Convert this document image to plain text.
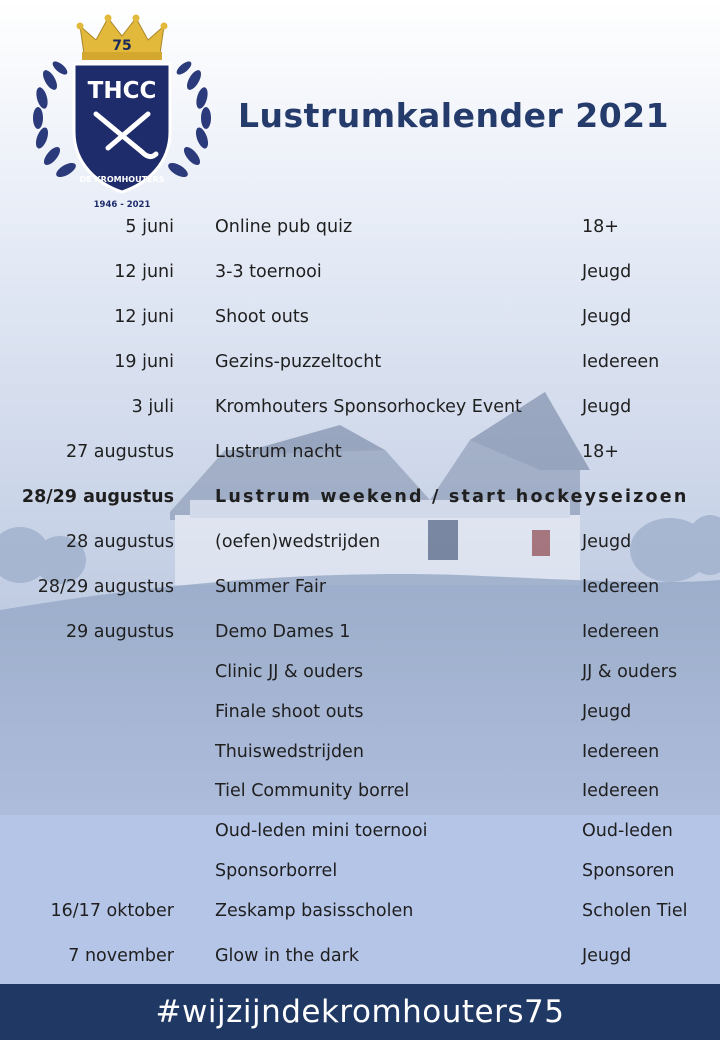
75
THCC
DE KROMHOUTERS
1946 - 2021
Lustrumkalender 2021
5 juni Online pub quiz	18+
12 juni 3-3 toernooi	Jeugd
12 juni Shoot outs	Jeugd
19 juni Gezins-puzzeltocht	Iedereen
3 juli Kromhouters Sponsorhockey Event	Jeugd
27 augustus Lustrum nacht	18+
28/29 augustus Lustrum weekend / start hockeyseizoen
28 augustus (oefen)wedstrijden	Jeugd
28/29 augustus Summer Fair	Iedereen
29 augustus Demo Dames 1	Iedereen
Clinic JJ & ouders	JJ & ouders
Finale shoot outs	Jeugd
Thuiswedstrijden	Iedereen
Tiel Community borrel	Iedereen
Oud-leden mini toernooi	Oud-leden
Sponsorborrel	Sponsoren
16/17 oktober Zeskamp basisscholen	Scholen Tiel
7 november Glow in the dark	Jeugd
#wijzijndekromhouters75
